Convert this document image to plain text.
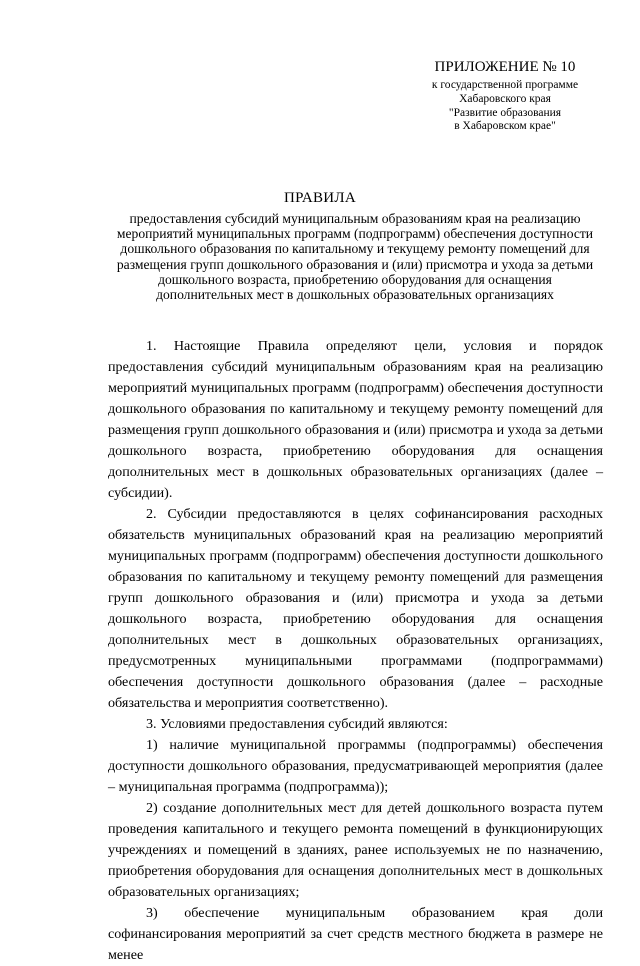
ПРИЛОЖЕНИЕ № 10
к государственной программе
Хабаровского края
"Развитие образования
в Хабаровском крае"
ПРАВИЛА
предоставления субсидий муниципальным образованиям края на реализацию мероприятий муниципальных программ (подпрограмм) обеспечения доступности дошкольного образования по капитальному и текущему ремонту помещений для размещения групп дошкольного образования и (или) присмотра и ухода за детьми дошкольного возраста, приобретению оборудования для оснащения дополнительных мест в дошкольных образовательных организациях

1. Настоящие Правила определяют цели, условия и порядок предоставления субсидий муниципальным образованиям края на реализацию мероприятий муниципальных программ (подпрограмм) обеспечения доступности дошкольного образования по капитальному и текущему ремонту помещений для размещения групп дошкольного образования и (или) присмотра и ухода за детьми дошкольного возраста, приобретению оборудования для оснащения дополнительных мест в дошкольных образовательных организациях (далее – субсидии).

2. Субсидии предоставляются в целях софинансирования расходных обязательств муниципальных образований края на реализацию мероприятий муниципальных программ (подпрограмм) обеспечения доступности дошкольного образования по капитальному и текущему ремонту помещений для размещения групп дошкольного образования и (или) присмотра и ухода за детьми дошкольного возраста, приобретению оборудования для оснащения дополнительных мест в дошкольных образовательных организациях, предусмотренных муниципальными программами (подпрограммами) обеспечения доступности дошкольного образования (далее – расходные обязательства и мероприятия соответственно).

3. Условиями предоставления субсидий являются:

1) наличие муниципальной программы (подпрограммы) обеспечения доступности дошкольного образования, предусматривающей мероприятия (далее – муниципальная программа (подпрограмма));

2) создание дополнительных мест для детей дошкольного возраста путем проведения капитального и текущего ремонта помещений в функционирующих учреждениях и помещений в зданиях, ранее используемых не по назначению, приобретения оборудования для оснащения дополнительных мест в дошкольных образовательных организациях;

3) обеспечение муниципальным образованием края доли софинансирования мероприятий за счет средств местного бюджета в размере не менее
